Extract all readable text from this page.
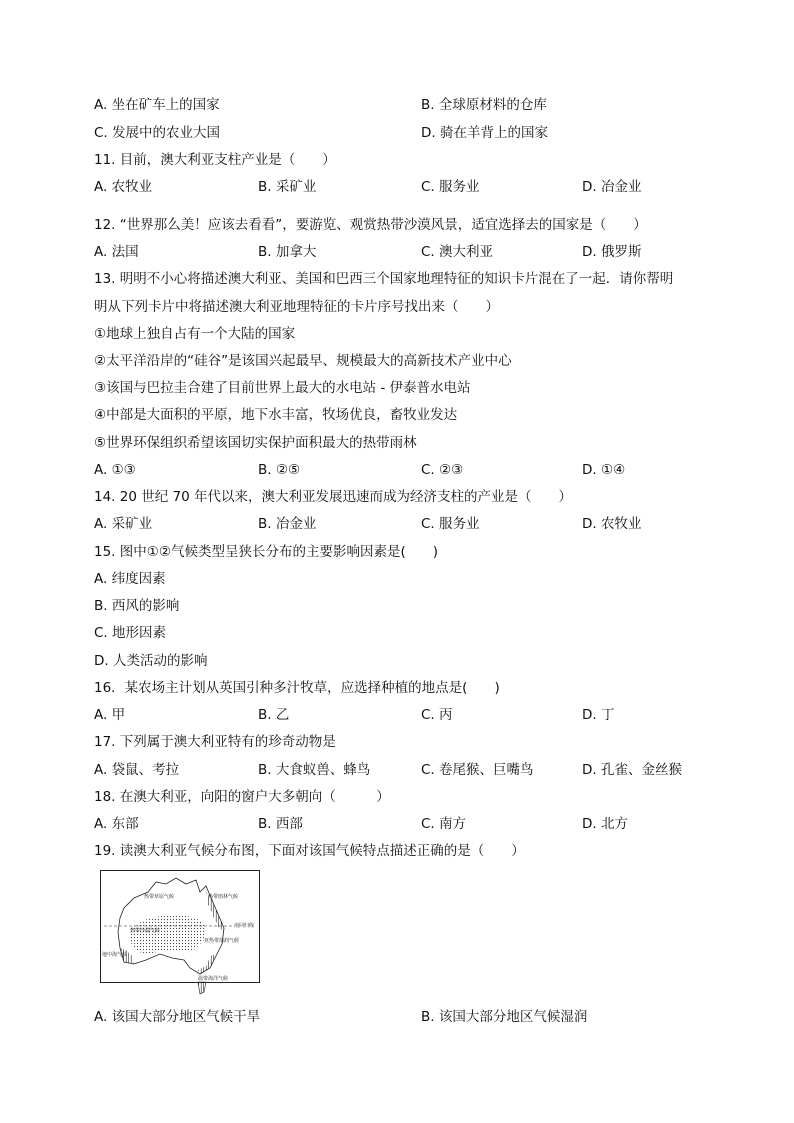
A. 坐在矿车上的国家	B. 全球原材料的仓库
C. 发展中的农业大国	D. 骑在羊背上的国家
11. 目前，澳大利亚支柱产业是（　　）
A. 农牧业	B. 采矿业	C. 服务业	D. 冶金业
12. “世界那么美！应该去看看”，要游览、观赏热带沙漠风景，适宜选择去的国家是（　　）
A. 法国	B. 加拿大	C. 澳大利亚	D. 俄罗斯
13. 明明不小心将描述澳大利亚、美国和巴西三个国家地理特征的知识卡片混在了一起．请你帮明
明从下列卡片中将描述澳大利亚地理特征的卡片序号找出来（　　）
①地球上独自占有一个大陆的国家
②太平洋沿岸的“硅谷”是该国兴起最早、规模最大的高新技术产业中心
③该国与巴拉圭合建了目前世界上最大的水电站 - 伊泰普水电站
④中部是大面积的平原，地下水丰富，牧场优良，畜牧业发达
⑤世界环保组织希望该国切实保护面积最大的热带雨林
A. ①③	B. ②⑤	C. ②③	D. ①④
14. 20 世纪 70 年代以来，澳大利亚发展迅速而成为经济支柱的产业是（　　）
A. 采矿业	B. 冶金业	C. 服务业	D. 农牧业
15. 图中①②气候类型呈狭长分布的主要影响因素是(　　)
A. 纬度因素
B. 西风的影响
C. 地形因素
D. 人类活动的影响
16．某农场主计划从英国引种多汁牧草，应选择种植的地点是(　　)
A. 甲	B. 乙	C. 丙	D. 丁
17. 下列属于澳大利亚特有的珍奇动物是
A. 袋鼠、考拉	B. 大食蚁兽、蜂鸟	C. 卷尾猴、巨嘴鸟	D. 孔雀、金丝猴
18. 在澳大利亚，向阳的窗户大多朝向（　　　）
A. 东部	B. 西部	C. 南方	D. 北方
19. 读澳大利亚气候分布图，下面对该国气候特点描述正确的是（　　）
热带草原气候	热带雨林气候
南回归线
热带沙漠气候
亚热带湿润气候
地中海气候
温带海洋气候
A. 该国大部分地区气候干旱	B. 该国大部分地区气候湿润
